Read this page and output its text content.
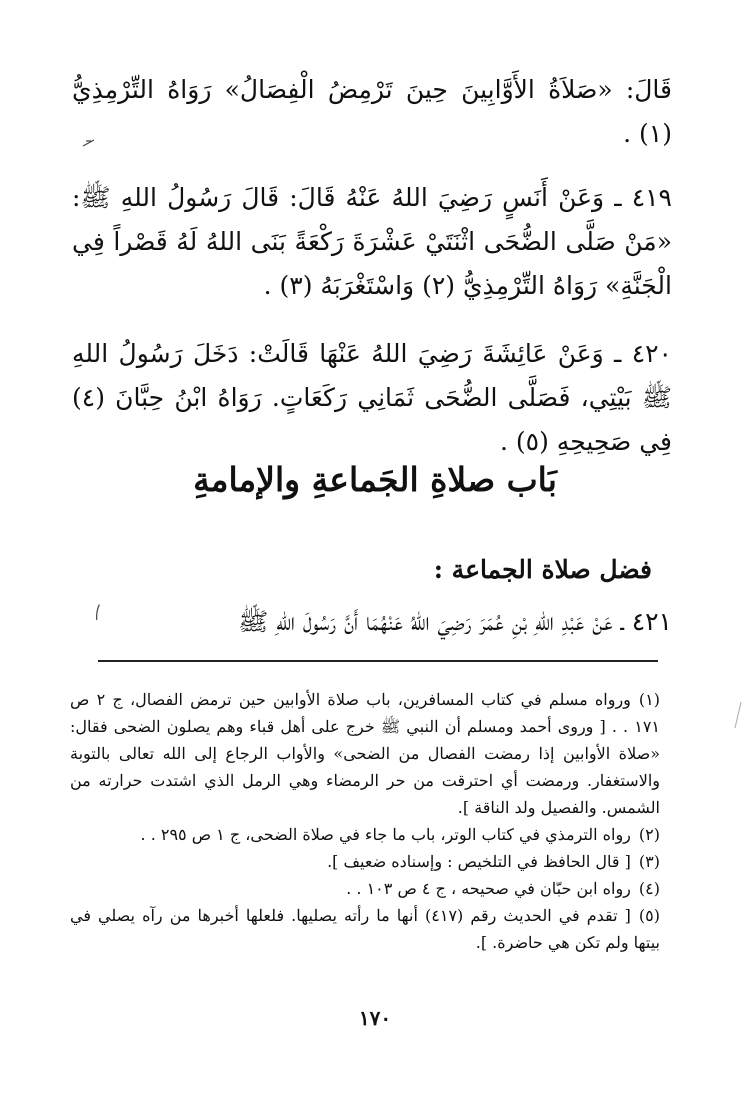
قَالَ: «صَلاَةُ الأَوَّابِينَ حِينَ تَرْمِضُ الْفِصَالُ» رَوَاهُ التِّرْمِذِيُّ (١) .

٤١٩ ـ وَعَنْ أَنَسٍ رَضِيَ اللهُ عَنْهُ قَالَ: قَالَ رَسُولُ اللهِ ﷺ: «مَنْ صَلَّى الضُّحَى اثْنَتَيْ عَشْرَةَ رَكْعَةً بَنَى اللهُ لَهُ قَصْراً فِي الْجَنَّةِ» رَوَاهُ التِّرْمِذِيُّ (٢) وَاسْتَغْرَبَهُ (٣) .

٤٢٠ ـ وَعَنْ عَائِشَةَ رَضِيَ اللهُ عَنْهَا قَالَتْ: دَخَلَ رَسُولُ اللهِ ﷺ بَيْتِي، فَصَلَّى الضُّحَى ثَمَانِي رَكَعَاتٍ. رَوَاهُ ابْنُ حِبَّانَ (٤) فِي صَحِيحِهِ (٥) .

بَاب صلاةِ الجَماعةِ والإمامةِ
فضل صلاة الجماعة :
٤٢١ ـ عَنْ عَبْدِ اللهِ بْنِ عُمَرَ رَضِيَ اللهُ عَنْهُمَا أَنَّ رَسُولَ اللهِ ﷺ

(١)ورواه مسلم في كتاب المسافرين، باب صلاة الأوابين حين ترمض الفصال، ج ٢ ص ١٧١ . . [ وروى أحمد ومسلم أن النبي ﷺ خرج على أهل قباء وهم يصلون الضحى فقال: «صلاة الأوابين إذا رمضت الفصال من الضحى» والأواب الرجاع إلى الله تعالى بالتوبة والاستغفار. ورمضت أي احترقت من حر الرمضاء وهي الرمل الذي اشتدت حرارته من الشمس. والفصيل ولد الناقة ].

(٢)رواه الترمذي في كتاب الوتر، باب ما جاء في صلاة الضحى، ج ١ ص ٢٩٥ . .

(٣)[ قال الحافظ في التلخيص : وإسناده ضعيف ].

(٤)رواه ابن حبّان في صحيحه ، ج ٤ ص ١٠٣ . .

(٥)[ تقدم في الحديث رقم (٤١٧) أنها ما رأته يصليها. فلعلها أخبرها من رآه يصلي في بيتها ولم تكن هي حاضرة. ].

١٧٠
